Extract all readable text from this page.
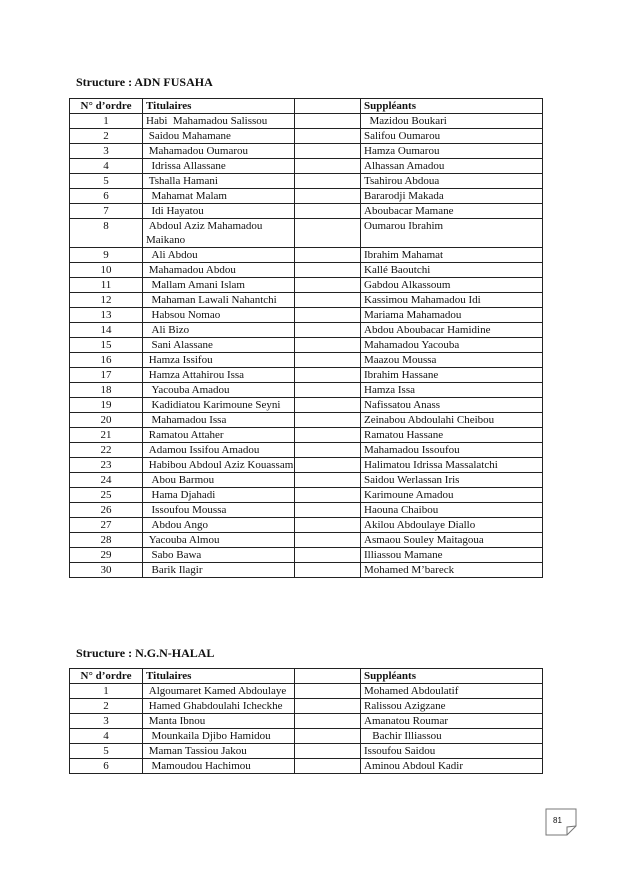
Structure : ADN FUSAHA
N° d’ordre	Titulaires		Suppléants
1	Habi  Mahamadou Salissou		Mazidou Boukari
2	Saidou Mahamane		Salifou Oumarou
3	Mahamadou Oumarou		Hamza Oumarou
4	Idrissa Allassane		Alhassan Amadou
5	Tshalla Hamani		Tsahirou Abdoua
6	Mahamat Malam		Bararodji Makada
7	Idi Hayatou		Aboubacar Mamane
8	Abdoul Aziz Mahamadou Maikano		Oumarou Ibrahim
9	Ali Abdou		Ibrahim Mahamat
10	Mahamadou Abdou		Kallé Baoutchi
11	Mallam Amani Islam		Gabdou Alkassoum
12	Mahaman Lawali Nahantchi		Kassimou Mahamadou Idi
13	Habsou Nomao		Mariama Mahamadou
14	Ali Bizo		Abdou Aboubacar Hamidine
15	Sani Alassane		Mahamadou Yacouba
16	Hamza Issifou		Maazou Moussa
17	Hamza Attahirou Issa		Ibrahim Hassane
18	Yacouba Amadou		Hamza Issa
19	Kadidiatou Karimoune Seyni		Nafissatou Anass
20	Mahamadou Issa		Zeinabou Abdoulahi Cheibou
21	Ramatou Attaher		Ramatou Hassane
22	Adamou Issifou Amadou		Mahamadou Issoufou
23	Habibou Abdoul Aziz Kouassam		Halimatou Idrissa Massalatchi
24	Abou Barmou		Saidou Werlassan Iris
25	Hama Djahadi		Karimoune Amadou
26	Issoufou Moussa		Haouna Chaibou
27	Abdou Ango		Akilou Abdoulaye Diallo
28	Yacouba Almou		Asmaou Souley Maitagoua
29	Sabo Bawa		Illiassou Mamane
30	Barik Ilagir		Mohamed M’bareck
Structure : N.G.N-HALAL
N° d’ordre	Titulaires		Suppléants
1	Algoumaret Kamed Abdoulaye		Mohamed Abdoulatif
2	Hamed Ghabdoulahi Icheckhe		Ralissou Azigzane
3	Manta Ibnou		Amanatou Roumar
4	Mounkaila Djibo Hamidou		Bachir Illiassou
5	Maman Tassiou Jakou		Issoufou Saidou
6	Mamoudou Hachimou		Aminou Abdoul Kadir
81
